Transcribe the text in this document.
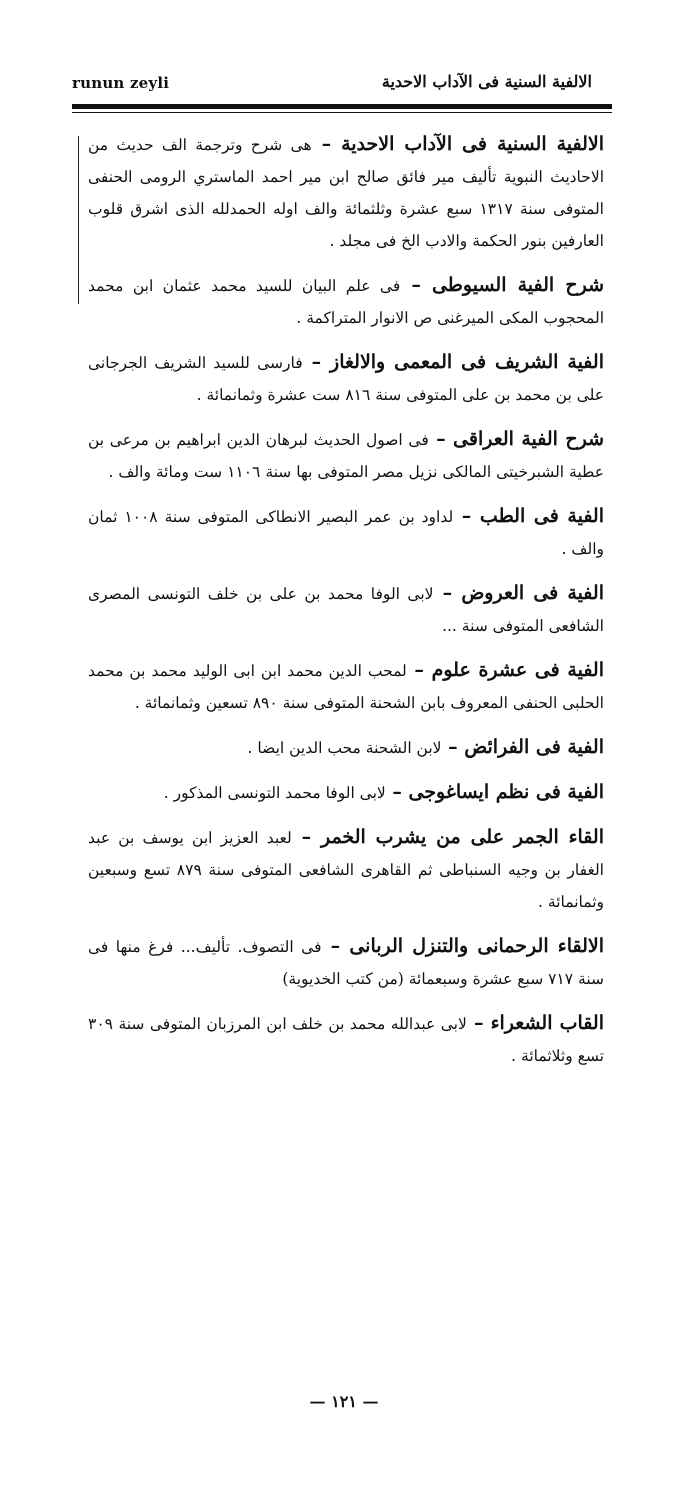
runun zeyli	الالفية السنية فى الآداب الاحدية
الالفية السنية فى الآداب الاحدية – هى شرح وترجمة الف حديث من الاحاديث النبوية تأليف مير فائق صالح ابن مير احمد الماستري الرومى الحنفى المتوفى سنة ١٣١٧ سبع عشرة وثلثمائة والف اوله الحمدلله الذى اشرق قلوب العارفين بنور الحكمة والادب الخ فى مجلد .
شرح الفية السيوطى – فى علم البيان للسيد محمد عثمان ابن محمد المحجوب المكى الميرغنى ص الانوار المتراكمة .
الفية الشريف فى المعمى والالغاز – فارسى للسيد الشريف الجرجانى على بن محمد بن على المتوفى سنة ٨١٦ ست عشرة وثمانمائة .
شرح الفية العراقى – فى اصول الحديث لبرهان الدين ابراهيم بن مرعى بن عطية الشبرخيتى المالكى نزيل مصر المتوفى بها سنة ١١٠٦ ست ومائة والف .
الفية فى الطب – لداود بن عمر البصير الانطاكى المتوفى سنة ١٠٠٨ ثمان والف .
الفية فى العروض – لابى الوفا محمد بن على بن خلف التونسى المصرى الشافعى المتوفى سنة ...
الفية فى عشرة علوم – لمحب الدين محمد ابن ابى الوليد محمد بن محمد الحلبى الحنفى المعروف بابن الشحنة المتوفى سنة ٨٩٠ تسعين وثمانمائة .
الفية فى الفرائض – لابن الشحنة محب الدين ايضا .
الفية فى نظم ايساغوجى – لابى الوفا محمد التونسى المذكور .
القاء الجمر على من يشرب الخمر – لعبد العزيز ابن يوسف بن عبد الغفار بن وجيه السنباطى ثم القاهرى الشافعى المتوفى سنة ٨٧٩ تسع وسبعين وثمانمائة .
الالقاء الرحمانى والتنزل الربانى – فى التصوف. تأليف... فرغ منها فى سنة ٧١٧ سبع عشرة وسبعمائة (من كتب الخديوية)
القاب الشعراء – لابى عبدالله محمد بن خلف ابن المرزبان المتوفى سنة ٣٠٩ تسع وثلاثمائة .
— ١٢١ —
